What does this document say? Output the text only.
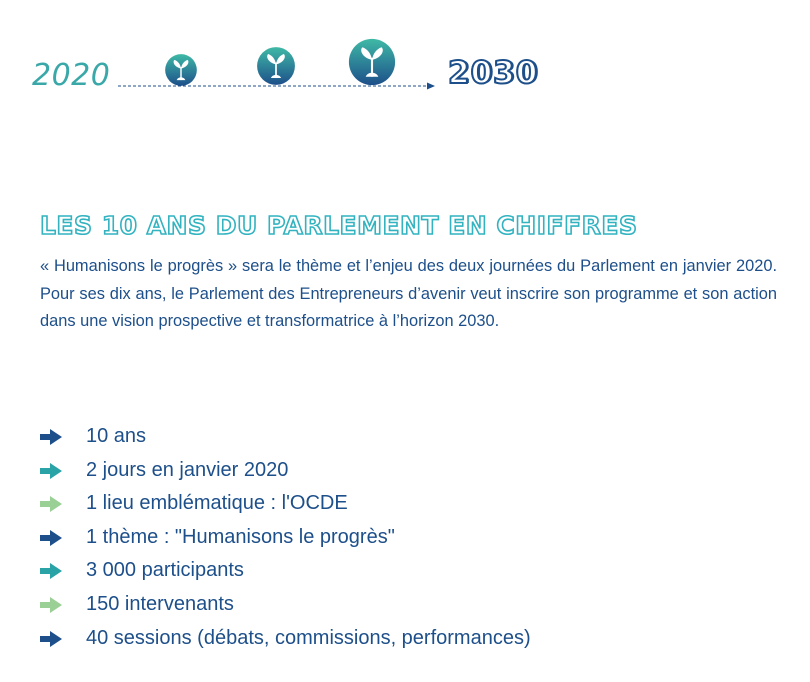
2020	2030
LES 10 ANS DU PARLEMENT EN CHIFFRES

« Humanisons le progrès » sera le thème et l’enjeu des deux journées du Parlement en janvier 2020. Pour ses dix ans, le Parlement des Entrepreneurs d’avenir veut inscrire son programme et son action dans une vision prospective et transformatrice à l’horizon 2030.

10 ans
2 jours en janvier 2020
1 lieu emblématique : l'OCDE
1 thème : "Humanisons le progrès"
3 000 participants
150 intervenants
40 sessions (débats, commissions, performances)
